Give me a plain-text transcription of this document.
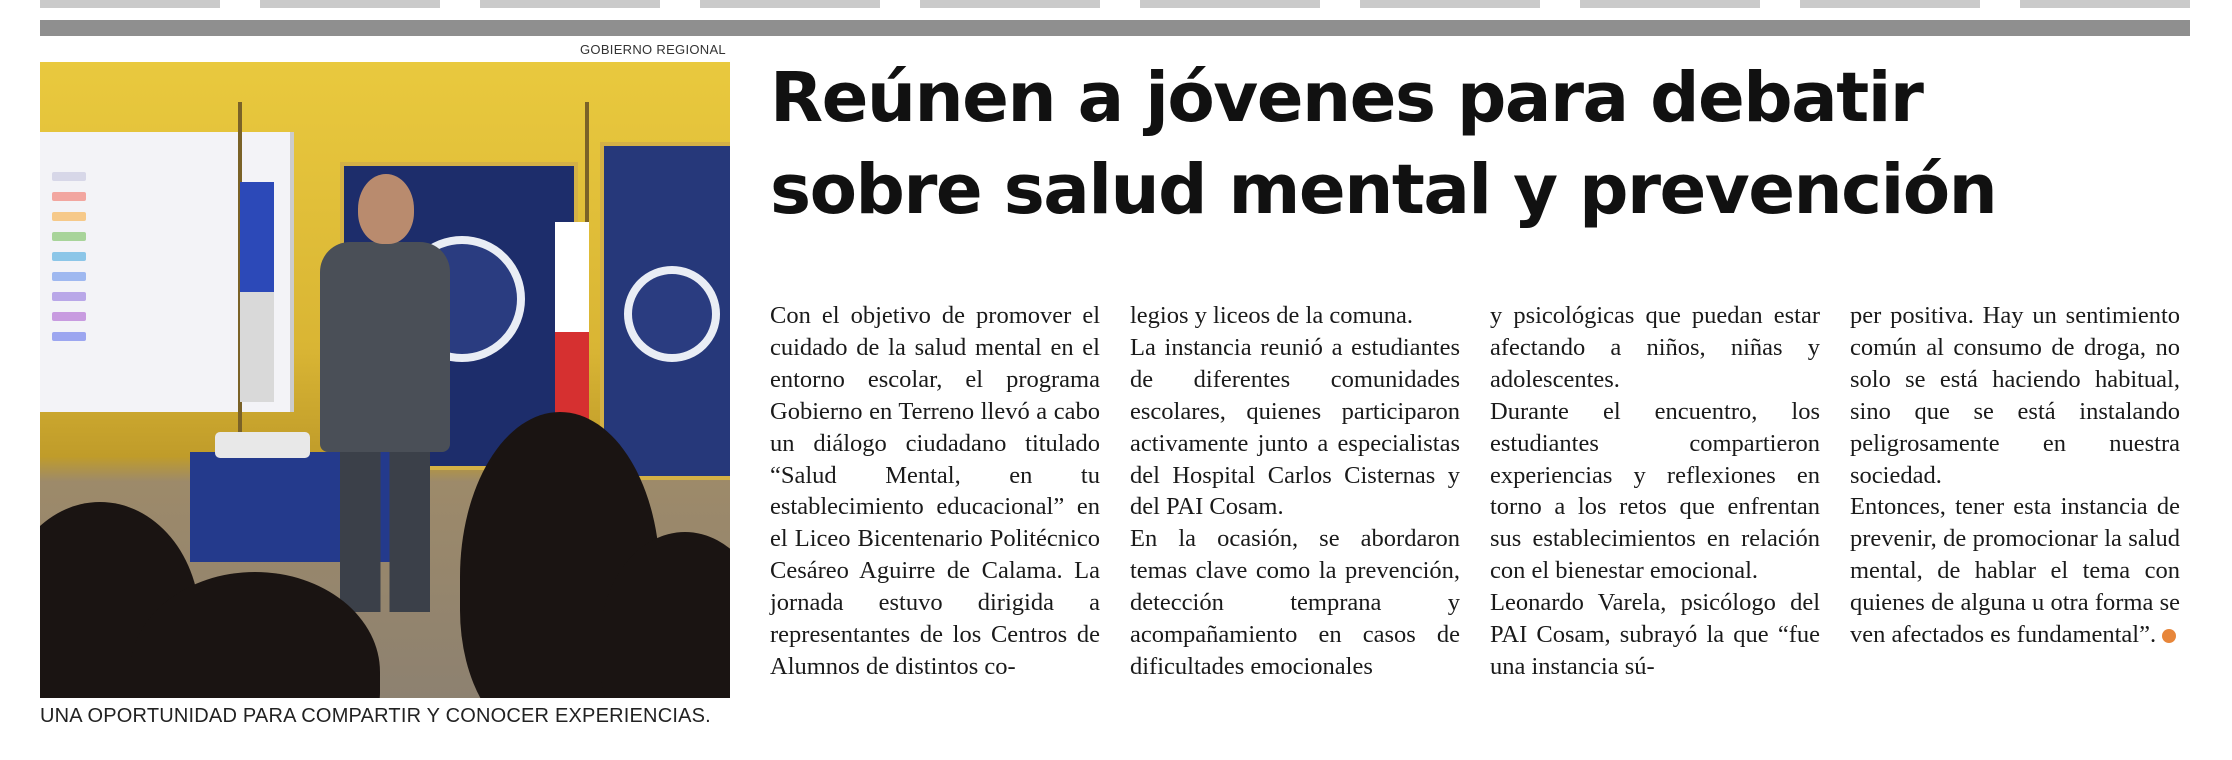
GOBIERNO REGIONAL
UNA OPORTUNIDAD PARA COMPARTIR Y CONOCER EXPERIENCIAS.
Reúnen a jóvenes para debatir
sobre salud mental y prevención

Con el objetivo de promover el cuidado de la salud mental en el entorno escolar, el programa Gobierno en Terreno llevó a cabo un diálogo ciudadano titulado “Salud Mental, en tu establecimiento educacional” en el Liceo Bicentenario Politécnico Cesáreo Aguirre de Calama. La jornada estuvo dirigida a representantes de los Centros de Alumnos de distintos co-

legios y liceos de la comuna.

La instancia reunió a estudiantes de diferentes comunidades escolares, quienes participaron activamente junto a especialistas del Hospital Carlos Cisternas y del PAI Cosam.

En la ocasión, se abordaron temas clave como la prevención, detección temprana y acompañamiento en casos de dificultades emocionales

y psicológicas que puedan estar afectando a niños, niñas y adolescentes.

Durante el encuentro, los estudiantes compartieron experiencias y reflexiones en torno a los retos que enfrentan sus establecimientos en relación con el bienestar emocional.

Leonardo Varela, psicólogo del PAI Cosam, subrayó la que “fue una instancia sú-

per positiva. Hay un sentimiento común al consumo de droga, no solo se está haciendo habitual, sino que se está instalando peligrosamente en nuestra sociedad.

Entonces, tener esta instancia de prevenir, de promocionar la salud mental, de hablar el tema con quienes de alguna u otra forma se ven afectados es fundamental”.
